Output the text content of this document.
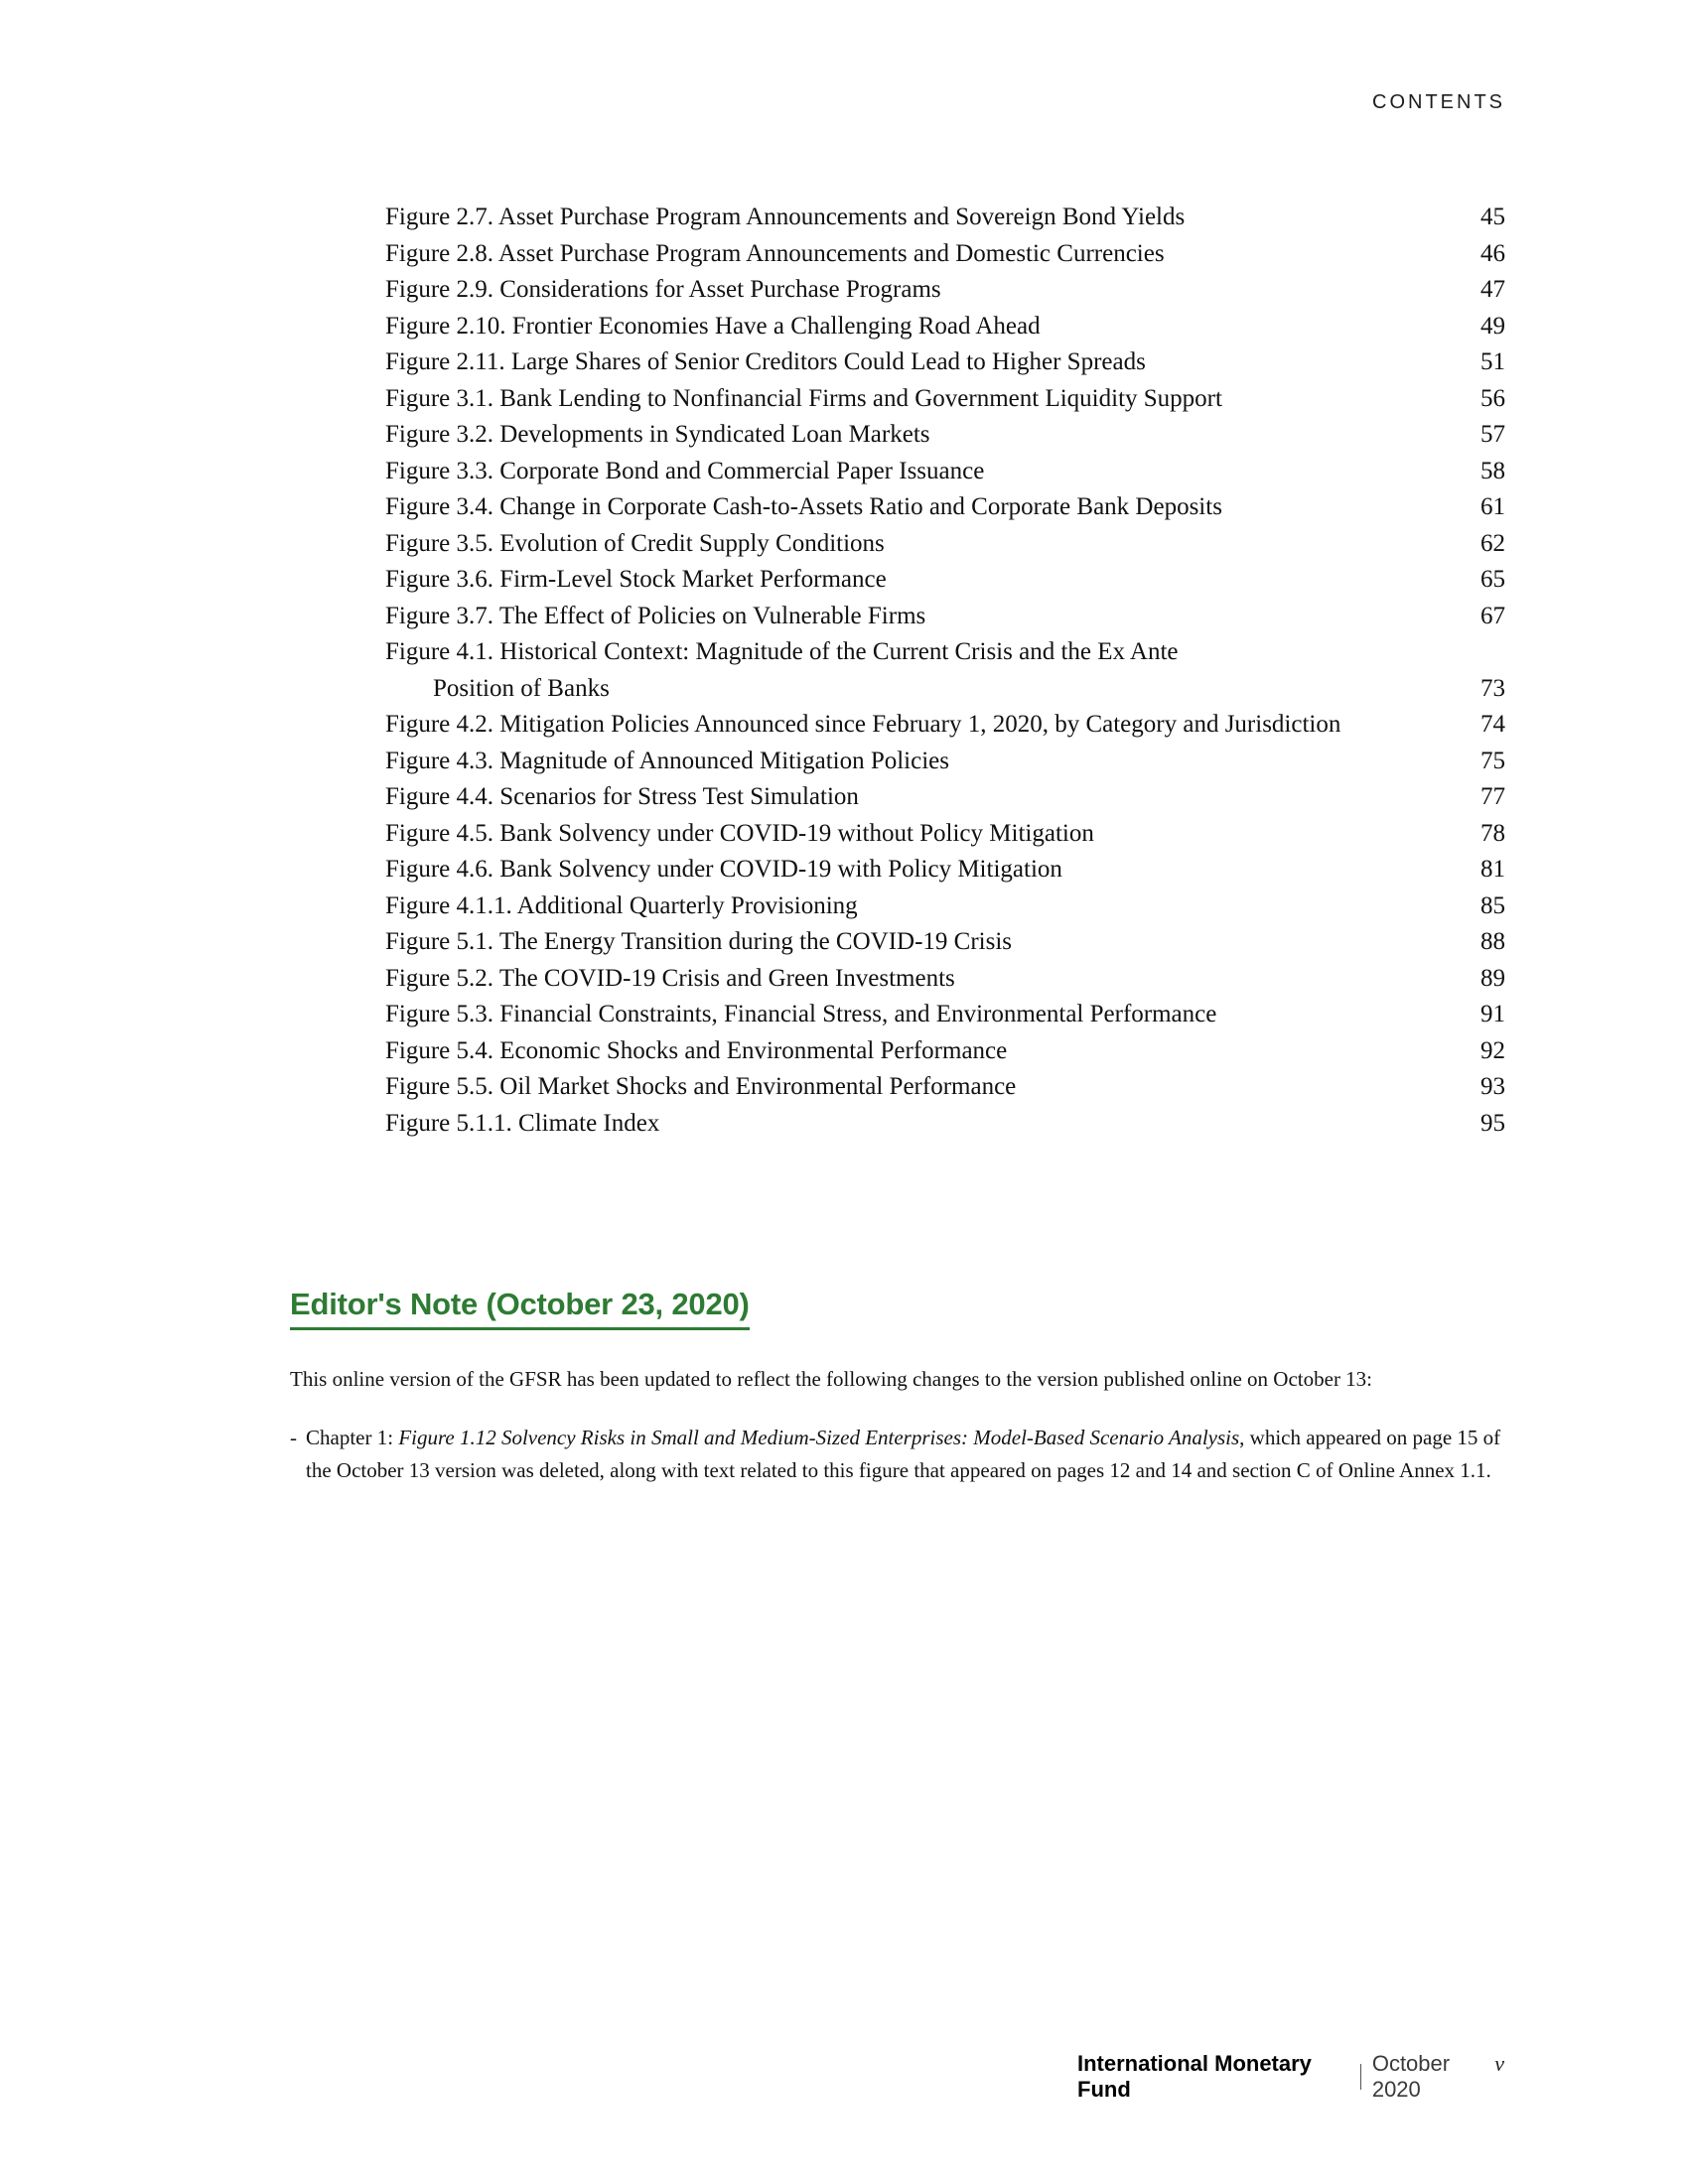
CONTENTS
Figure 2.7. Asset Purchase Program Announcements and Sovereign Bond Yields	45
Figure 2.8. Asset Purchase Program Announcements and Domestic Currencies	46
Figure 2.9. Considerations for Asset Purchase Programs	47
Figure 2.10. Frontier Economies Have a Challenging Road Ahead	49
Figure 2.11. Large Shares of Senior Creditors Could Lead to Higher Spreads	51
Figure 3.1. Bank Lending to Nonfinancial Firms and Government Liquidity Support	56
Figure 3.2. Developments in Syndicated Loan Markets	57
Figure 3.3. Corporate Bond and Commercial Paper Issuance	58
Figure 3.4. Change in Corporate Cash-to-Assets Ratio and Corporate Bank Deposits	61
Figure 3.5. Evolution of Credit Supply Conditions	62
Figure 3.6. Firm-Level Stock Market Performance	65
Figure 3.7. The Effect of Policies on Vulnerable Firms	67
Figure 4.1. Historical Context: Magnitude of the Current Crisis and the Ex Ante
Position of Banks	73
Figure 4.2. Mitigation Policies Announced since February 1, 2020, by Category and Jurisdiction	74
Figure 4.3. Magnitude of Announced Mitigation Policies	75
Figure 4.4. Scenarios for Stress Test Simulation	77
Figure 4.5. Bank Solvency under COVID-19 without Policy Mitigation	78
Figure 4.6. Bank Solvency under COVID-19 with Policy Mitigation	81
Figure 4.1.1. Additional Quarterly Provisioning	85
Figure 5.1. The Energy Transition during the COVID-19 Crisis	88
Figure 5.2. The COVID-19 Crisis and Green Investments	89
Figure 5.3. Financial Constraints, Financial Stress, and Environmental Performance	91
Figure 5.4. Economic Shocks and Environmental Performance	92
Figure 5.5. Oil Market Shocks and Environmental Performance	93
Figure 5.1.1. Climate Index	95
Editor's Note (October 23, 2020)
This online version of the GFSR has been updated to reflect the following changes to the version published online on October 13:
- Chapter 1: Figure 1.12 Solvency Risks in Small and Medium-Sized Enterprises: Model-Based Scenario Analysis, which appeared on page 15 of the October 13 version was deleted, along with text related to this figure that appeared on pages 12 and 14 and section C of Online Annex 1.1.
International Monetary Fund
October 2020
v
